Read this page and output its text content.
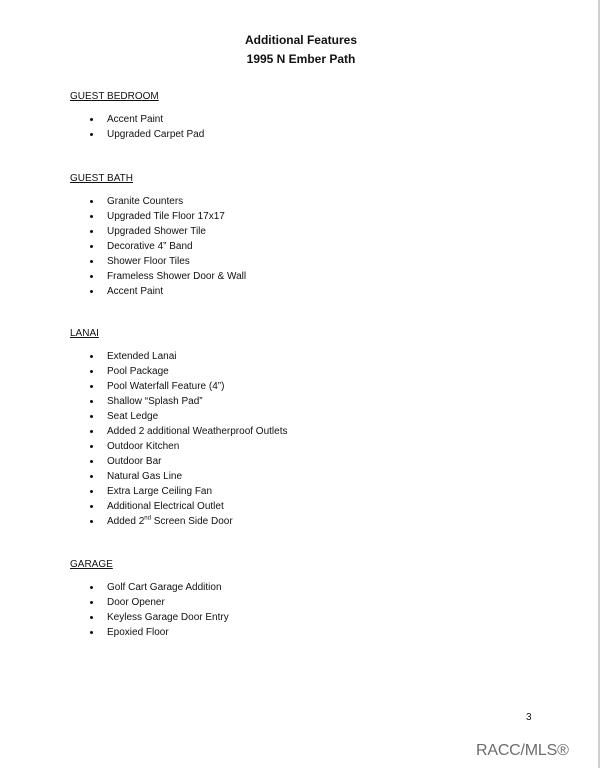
Additional Features
1995 N Ember Path

GUEST BEDROOM

Accent Paint
Upgraded Carpet Pad

GUEST BATH

Granite Counters
Upgraded Tile Floor 17x17
Upgraded Shower Tile
Decorative 4” Band
Shower Floor Tiles
Frameless Shower Door & Wall
Accent Paint

LANAI

Extended Lanai
Pool Package
Pool Waterfall Feature (4”)
Shallow “Splash Pad”
Seat Ledge
Added 2 additional Weatherproof Outlets
Outdoor Kitchen
Outdoor Bar
Natural Gas Line
Extra Large Ceiling Fan
Additional Electrical Outlet
Added 2nd Screen Side Door

GARAGE

Golf Cart Garage Addition
Door Opener
Keyless Garage Door Entry
Epoxied Floor
3
RACC/MLS®
